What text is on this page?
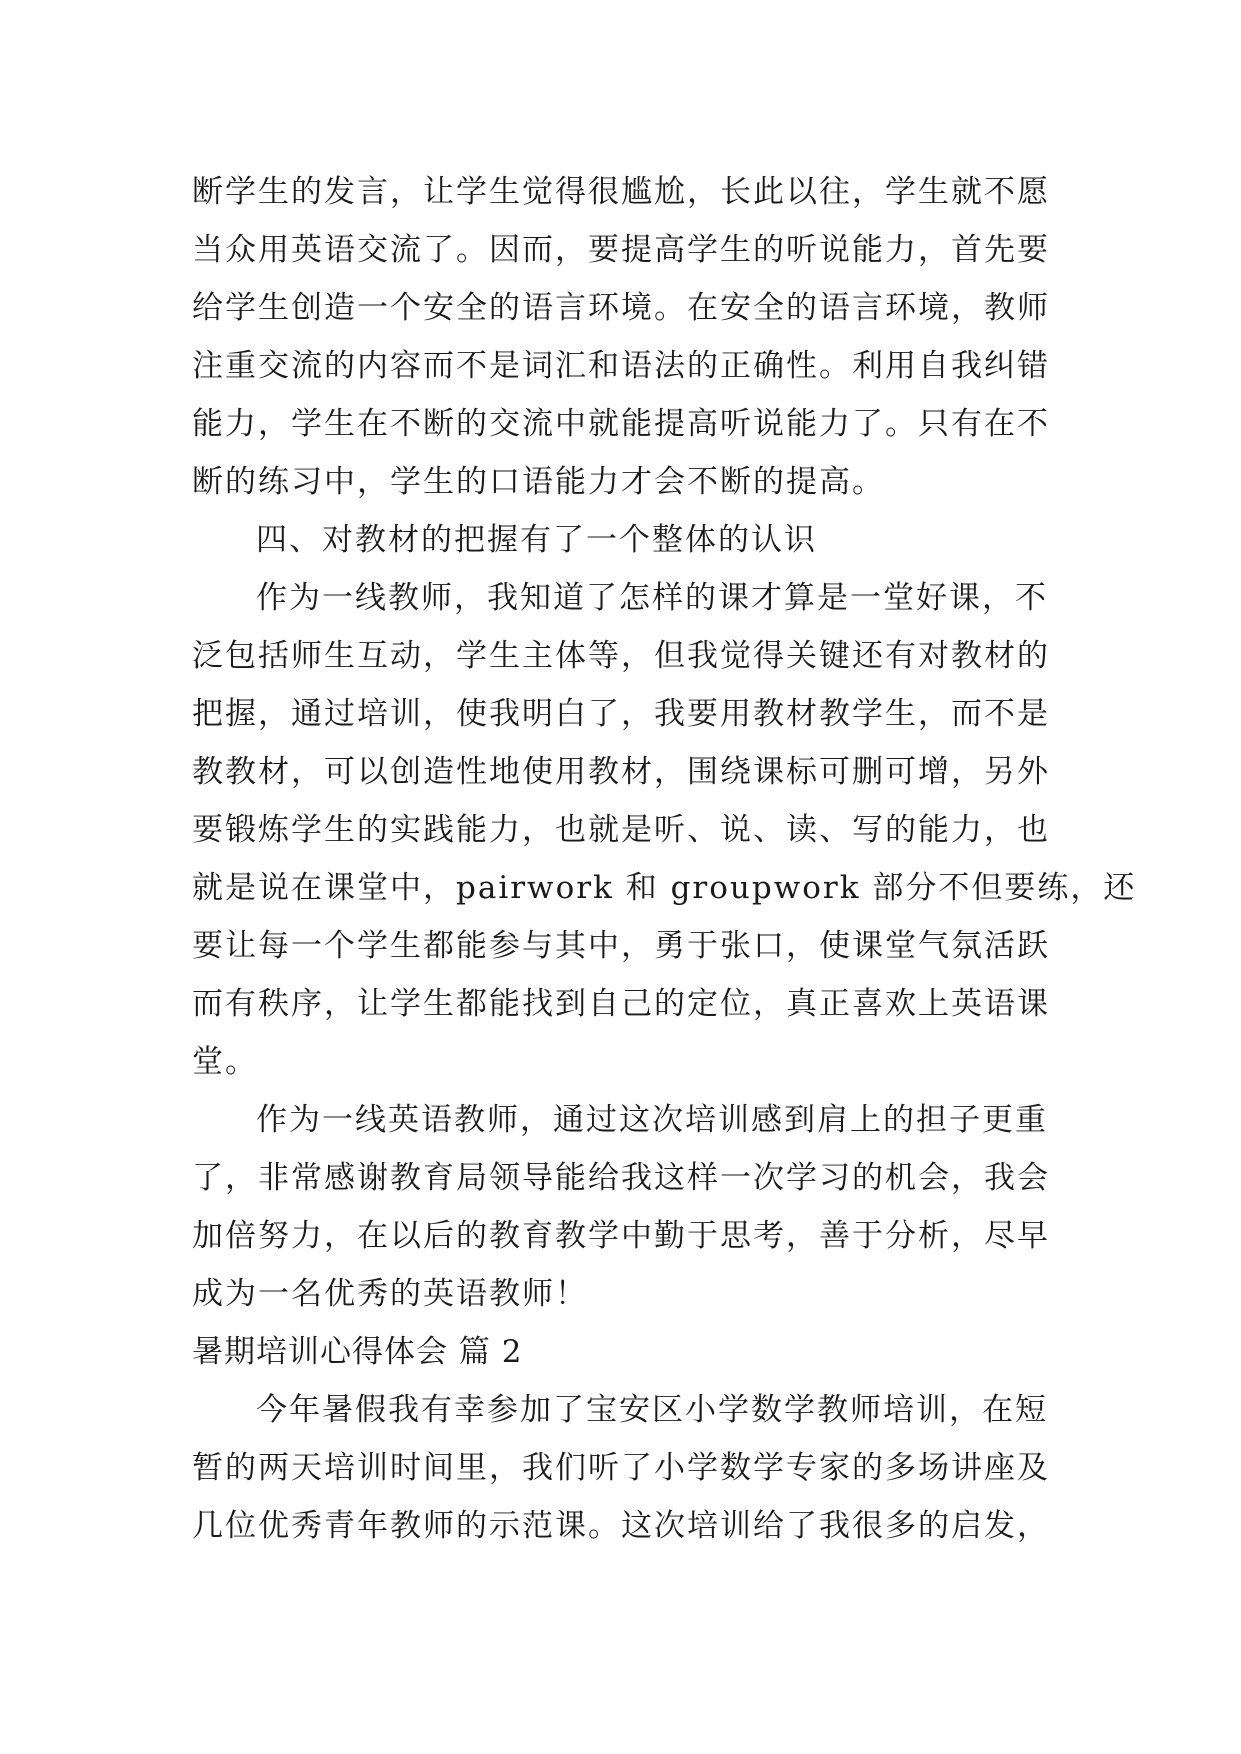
断学生的发言，让学生觉得很尴尬，长此以往，学生就不愿
当众用英语交流了。因而，要提高学生的听说能力，首先要
给学生创造一个安全的语言环境。在安全的语言环境，教师
注重交流的内容而不是词汇和语法的正确性。利用自我纠错
能力，学生在不断的交流中就能提高听说能力了。只有在不
断的练习中，学生的口语能力才会不断的提高。
四、对教材的把握有了一个整体的认识
作为一线教师，我知道了怎样的课才算是一堂好课，不
泛包括师生互动，学生主体等，但我觉得关键还有对教材的
把握，通过培训，使我明白了，我要用教材教学生，而不是
教教材，可以创造性地使用教材，围绕课标可删可增，另外
要锻炼学生的实践能力，也就是听、说、读、写的能力，也
就是说在课堂中，pairwork 和 groupwork 部分不但要练，还
要让每一个学生都能参与其中，勇于张口，使课堂气氛活跃
而有秩序，让学生都能找到自己的定位，真正喜欢上英语课
堂。
作为一线英语教师，通过这次培训感到肩上的担子更重
了，非常感谢教育局领导能给我这样一次学习的机会，我会
加倍努力，在以后的教育教学中勤于思考，善于分析，尽早
成为一名优秀的英语教师！
暑期培训心得体会 篇 2
今年暑假我有幸参加了宝安区小学数学教师培训，在短
暂的两天培训时间里，我们听了小学数学专家的多场讲座及
几位优秀青年教师的示范课。这次培训给了我很多的启发，
